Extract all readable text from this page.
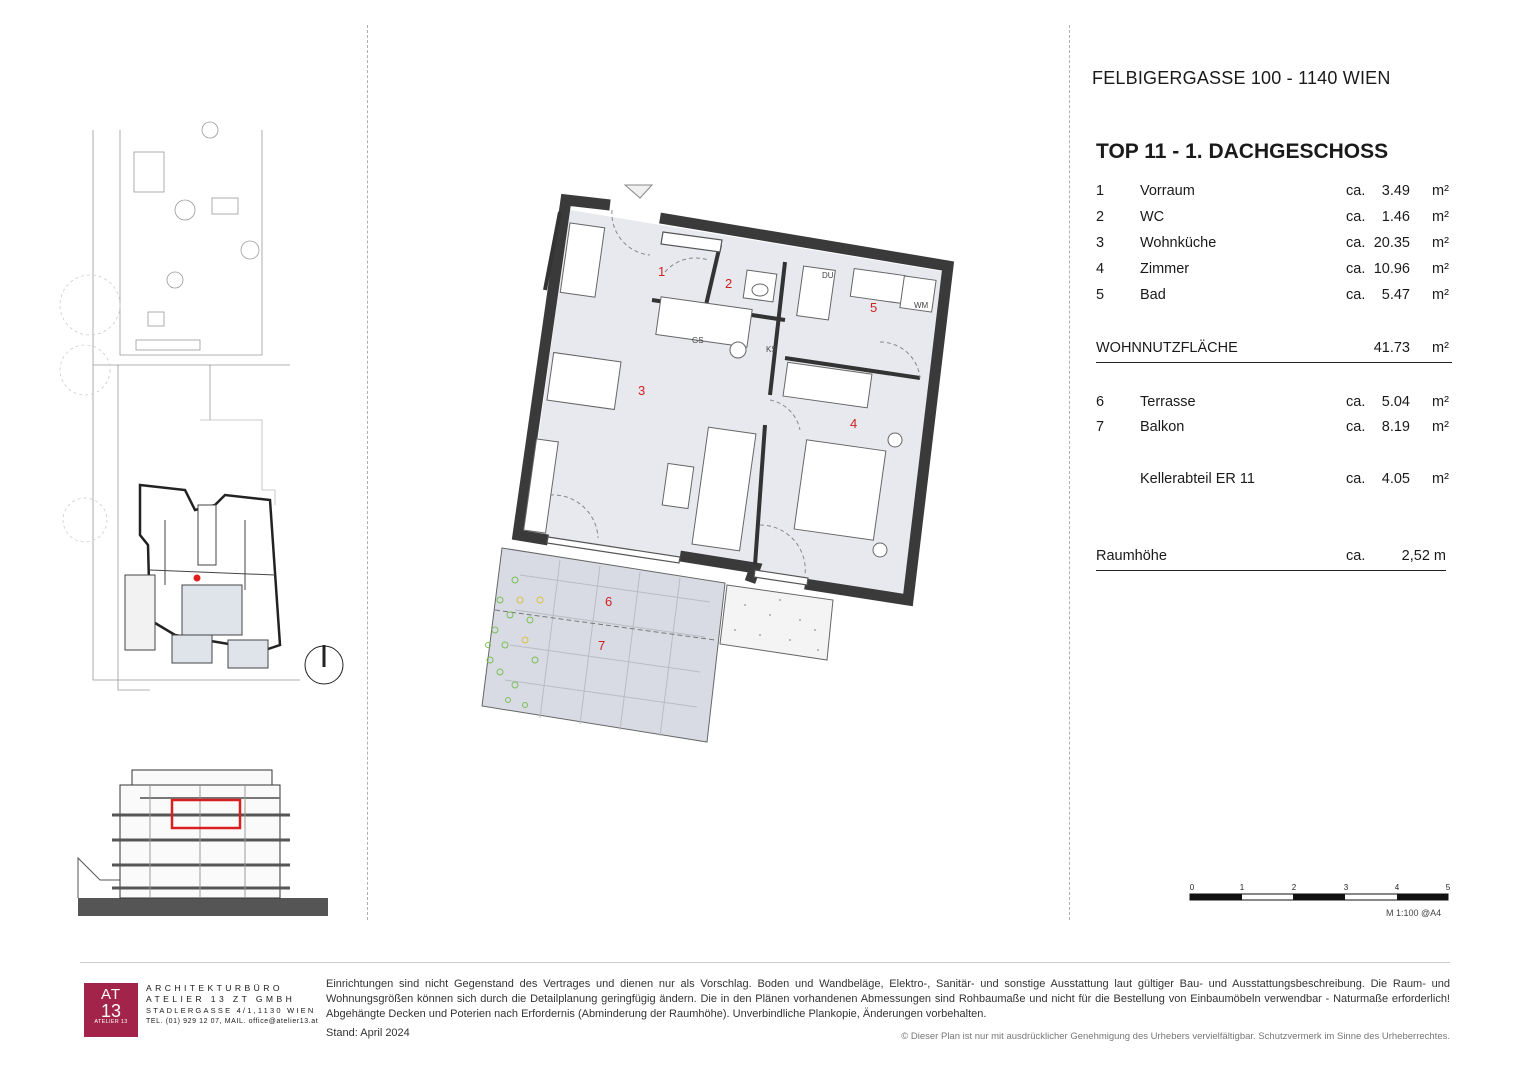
1
2
3
4
5
6
7
GS
KS
DU
WM
0	1	2	3	4	5
M 1:100 @A4
FELBIGERGASSE 100 - 1140 WIEN
TOP 11 - 1. DACHGESCHOSS
1 Vorraum	ca.	3.49 m²
2 WC	ca.	1.46 m²
3 Wohnküche	ca. 20.35 m²
4 Zimmer	ca. 10.96 m²
5 Bad	ca.	5.47 m²
WOHNNUTZFLÄCHE	41.73 m²
6 Terrasse	ca.	5.04 m²
7 Balkon	ca.	8.19 m²
Kellerabteil ER 11	ca.	4.05 m²
Raumhöhe	ca.	2,52 m
AT
13
ATELIER 13
ARCHITEKTURBÜRO
ATELIER 13 ZT GMBH
STADLERGASSE 4/1,1130 WIEN
TEL. (01) 929 12 07, MAIL. office@atelier13.at
Einrichtungen sind nicht Gegenstand des Vertrages und dienen nur als Vorschlag. Boden und Wandbeläge, Elektro-, Sanitär- und sonstige Ausstattung laut gültiger Bau- und Ausstattungsbeschreibung. Die Raum- und Wohnungsgrößen können sich durch die Detailplanung geringfügig ändern. Die in den Plänen vorhandenen Abmessungen sind Rohbaumaße und nicht für die Bestellung von Einbaumöbeln verwendbar - Naturmaße erforderlich! Abgehängte Decken und Poterien nach Erfordernis (Abminderung der Raumhöhe). Unverbindliche Plankopie, Änderungen vorbehalten.
Stand: April 2024	© Dieser Plan ist nur mit ausdrücklicher Genehmigung des Urhebers vervielfältigbar. Schutzvermerk im Sinne des Urheberrechtes.
